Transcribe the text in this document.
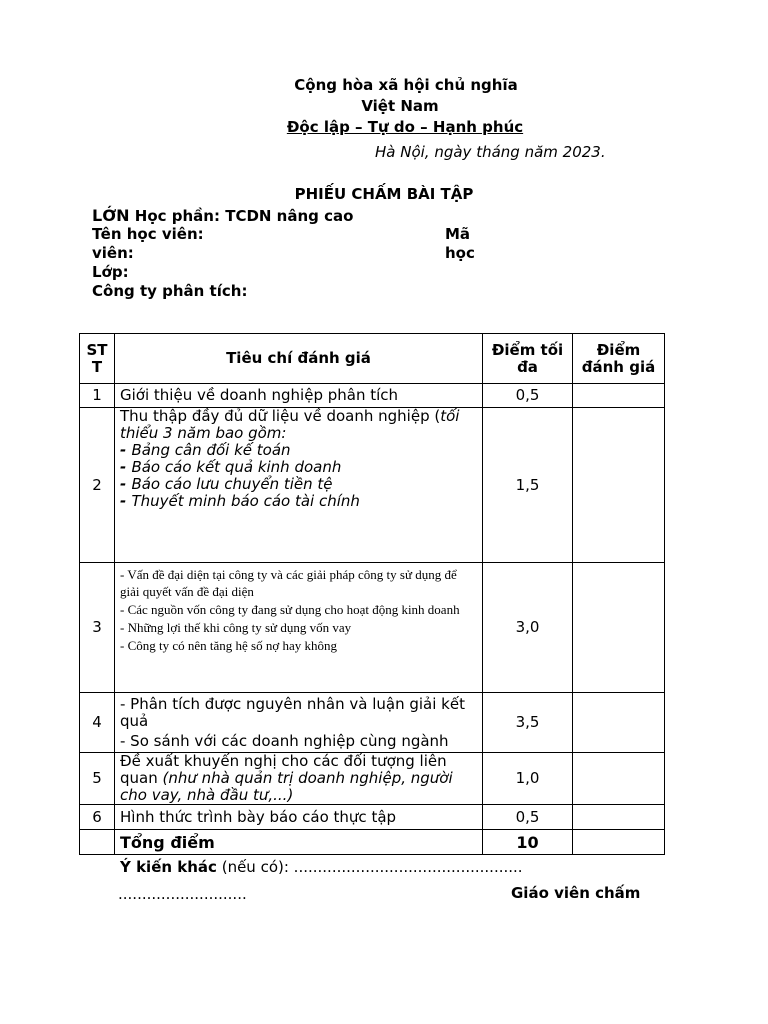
Cộng hòa xã hội chủ nghĩa
Việt Nam
Độc lập – Tự do – Hạnh phúc
Hà Nội, ngày tháng năm 2023.
PHIẾU CHẤM BÀI TẬP
LỚN Học phần: TCDN nâng cao
Tên học viên:	Mã học
viên:
Lớp:
Công ty phân tích:
ST T	Tiêu chí đánh giá	Điểm tối đa	Điểm đánh giá
1	Giới thiệu về doanh nghiệp phân tích	0,5	
2	Thu thập đầy đủ dữ liệu về doanh nghiệp (tối thiểu 3 năm bao gồm:
- Bảng cân đối kế toán
- Báo cáo kết quả kinh doanh
- Báo cáo lưu chuyển tiền tệ
- Thuyết minh báo cáo tài chính	1,5	
3	- Vấn đề đại diện tại công ty và các giải pháp công ty sử dụng để giải quyết vấn đề đại diện
- Các nguồn vốn công ty đang sử dụng cho hoạt động kinh doanh
- Những lợi thế khi công ty sử dụng vốn vay
- Công ty có nên tăng hệ số nợ hay không	3,0	
4	- Phân tích được nguyên nhân và luận giải kết quả
- So sánh với các doanh nghiệp cùng ngành	3,5	
5	Đề xuất khuyến nghị cho các đối tượng liên quan (như nhà quản trị doanh nghiệp, người cho vay, nhà đầu tư,...)	1,0	
6	Hình thức trình bày báo cáo thực tập	0,5	
	Tổng điểm	10	
Ý kiến khác (nếu có): ................................................
...........................	Giáo viên chấm
